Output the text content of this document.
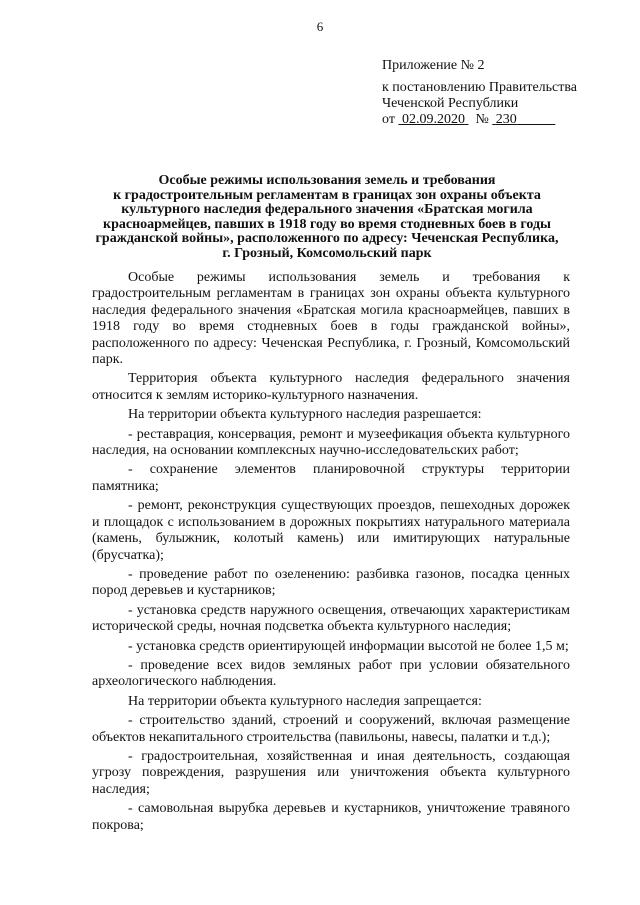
6
Приложение № 2
к постановлению Правительства
Чеченской Республики
от  02.09.2020 №  230
Особые режимы использования земель и требования
к градостроительным регламентам в границах зон охраны объекта
культурного наследия федерального значения «Братская могила
красноармейцев, павших в 1918 году во время стодневных боев в годы
гражданской войны», расположенного по адресу: Чеченская Республика,
г. Грозный, Комсомольский парк

Особые режимы использования земель и требования к градостроительным регламентам в границах зон охраны объекта культурного наследия федерального значения «Братская могила красноармейцев, павших в 1918 году во время стодневных боев в годы гражданской войны», расположенного по адресу: Чеченская Республика, г. Грозный, Комсомольский парк.

Территория объекта культурного наследия федерального значения относится к землям историко-культурного назначения.

На территории объекта культурного наследия разрешается:

- реставрация, консервация, ремонт и музеефикация объекта культурного наследия, на основании комплексных научно-исследовательских работ;

- сохранение элементов планировочной структуры территории памятника;

- ремонт, реконструкция существующих проездов, пешеходных дорожек и площадок с использованием в дорожных покрытиях натурального материала (камень, булыжник, колотый камень) или имитирующих натуральные (брусчатка);

- проведение работ по озеленению: разбивка газонов, посадка ценных пород деревьев и кустарников;

- установка средств наружного освещения, отвечающих характеристикам исторической среды, ночная подсветка объекта культурного наследия;

- установка средств ориентирующей информации высотой не более 1,5 м;

- проведение всех видов земляных работ при условии обязательного археологического наблюдения.

На территории объекта культурного наследия запрещается:

- строительство зданий, строений и сооружений, включая размещение объектов некапитального строительства (павильоны, навесы, палатки и т.д.);

- градостроительная, хозяйственная и иная деятельность, создающая угрозу повреждения, разрушения или уничтожения объекта культурного наследия;

- самовольная вырубка деревьев и кустарников, уничтожение травяного покрова;
